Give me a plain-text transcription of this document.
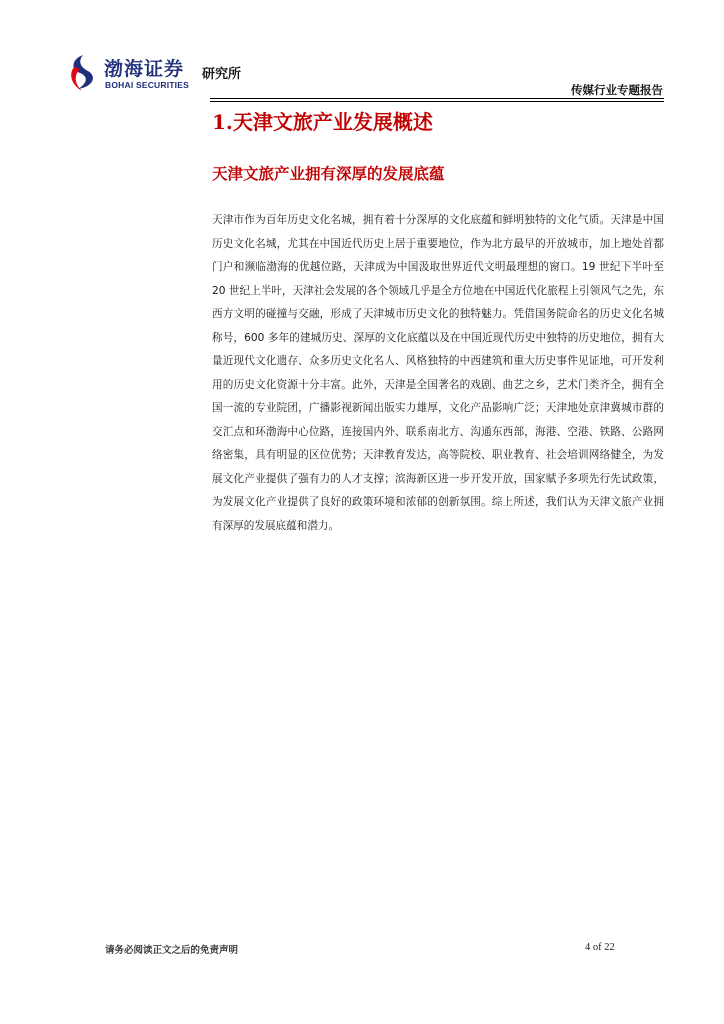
渤海证券
BOHAI SECURITIES
研究所
传媒行业专题报告
1.天津文旅产业发展概述
天津文旅产业拥有深厚的发展底蕴

天津市作为百年历史文化名城，拥有着十分深厚的文化底蕴和鲜明独特的文化气质。天津是中国历史文化名城，尤其在中国近代历史上居于重要地位，作为北方最早的开放城市，加上地处首都门户和濒临渤海的优越位路，天津成为中国汲取世界近代文明最理想的窗口。19 世纪下半叶至 20 世纪上半叶，天津社会发展的各个领域几乎是全方位地在中国近代化旅程上引领风气之先，东西方文明的碰撞与交融，形成了天津城市历史文化的独特魅力。凭借国务院命名的历史文化名城称号，600 多年的建城历史、深厚的文化底蕴以及在中国近现代历史中独特的历史地位，拥有大量近现代文化遗存、众多历史文化名人、风格独特的中西建筑和重大历史事件见证地，可开发利用的历史文化资源十分丰富。此外，天津是全国著名的戏剧、曲艺之乡，艺术门类齐全，拥有全国一流的专业院团，广播影视新闻出版实力雄厚，文化产品影响广泛；天津地处京津冀城市群的交汇点和环渤海中心位路，连接国内外、联系南北方、沟通东西部，海港、空港、铁路、公路网络密集，具有明显的区位优势；天津教育发达，高等院校、职业教育、社会培训网络健全，为发展文化产业提供了强有力的人才支撑；滨海新区进一步开发开放，国家赋予多项先行先试政策，为发展文化产业提供了良好的政策环境和浓郁的创新氛围。综上所述，我们认为天津文旅产业拥有深厚的发展底蕴和潜力。

请务必阅读正文之后的免责声明	4 of 22
